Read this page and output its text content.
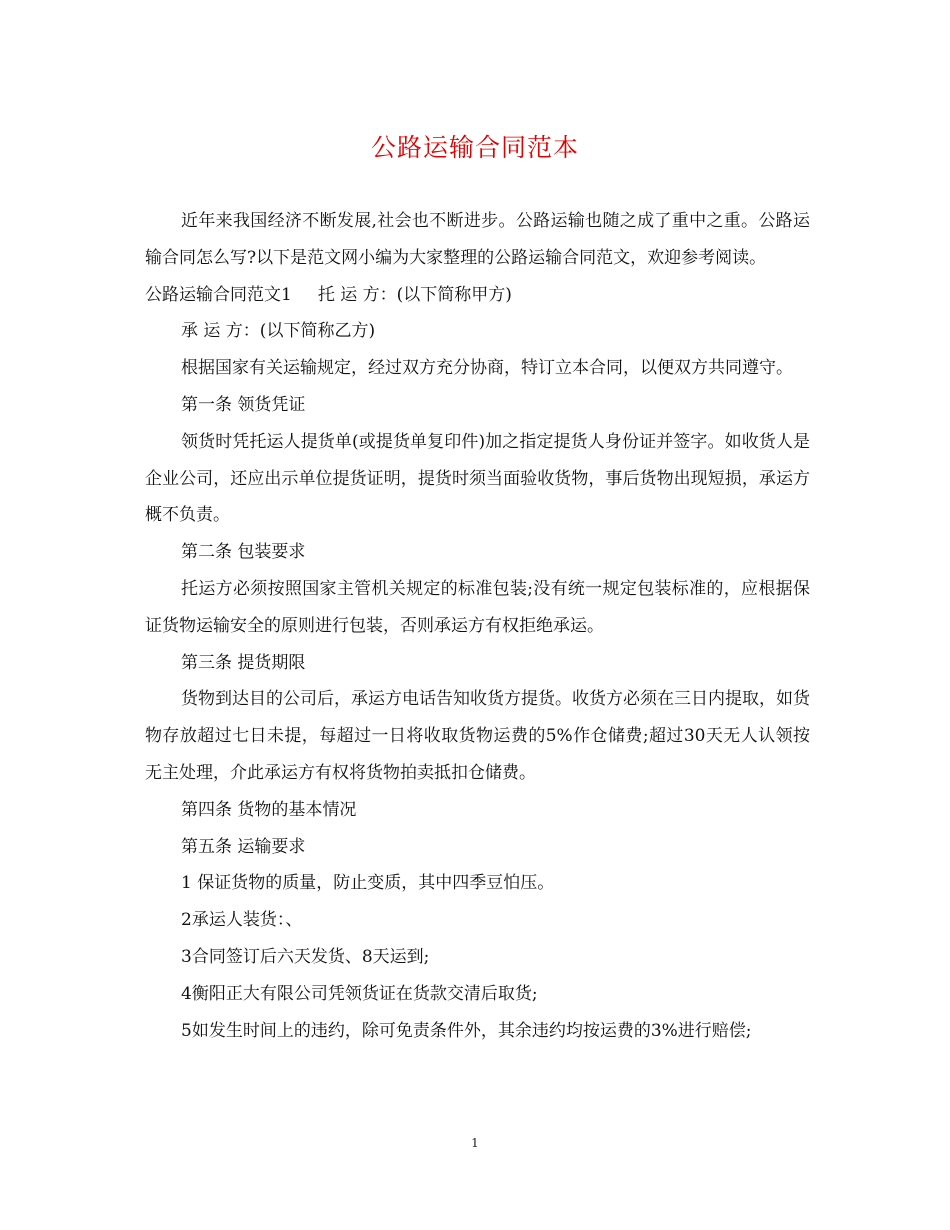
公路运输合同范本

近年来我国经济不断发展,社会也不断进步。公路运输也随之成了重中之重。公路运输合同怎么写?以下是范文网小编为大家整理的公路运输合同范文，欢迎参考阅读。

公路运输合同范文1 托 运 方：(以下简称甲方)

承 运 方：(以下简称乙方)

根据国家有关运输规定，经过双方充分协商，特订立本合同，以便双方共同遵守。

第一条 领货凭证

领货时凭托运人提货单(或提货单复印件)加之指定提货人身份证并签字。如收货人是企业公司，还应出示单位提货证明，提货时须当面验收货物，事后货物出现短损，承运方概不负责。

第二条 包装要求

托运方必须按照国家主管机关规定的标准包装;没有统一规定包装标准的，应根据保证货物运输安全的原则进行包装，否则承运方有权拒绝承运。

第三条 提货期限

货物到达目的公司后，承运方电话告知收货方提货。收货方必须在三日内提取，如货物存放超过七日未提，每超过一日将收取货物运费的5%作仓储费;超过30天无人认领按无主处理，介此承运方有权将货物拍卖抵扣仓储费。

第四条 货物的基本情况

第五条 运输要求

1 保证货物的质量，防止变质，其中四季豆怕压。

2承运人装货：、

3合同签订后六天发货、8天运到;

4衡阳正大有限公司凭领货证在货款交清后取货;

5如发生时间上的违约，除可免责条件外，其余违约均按运费的3%进行赔偿;

1
